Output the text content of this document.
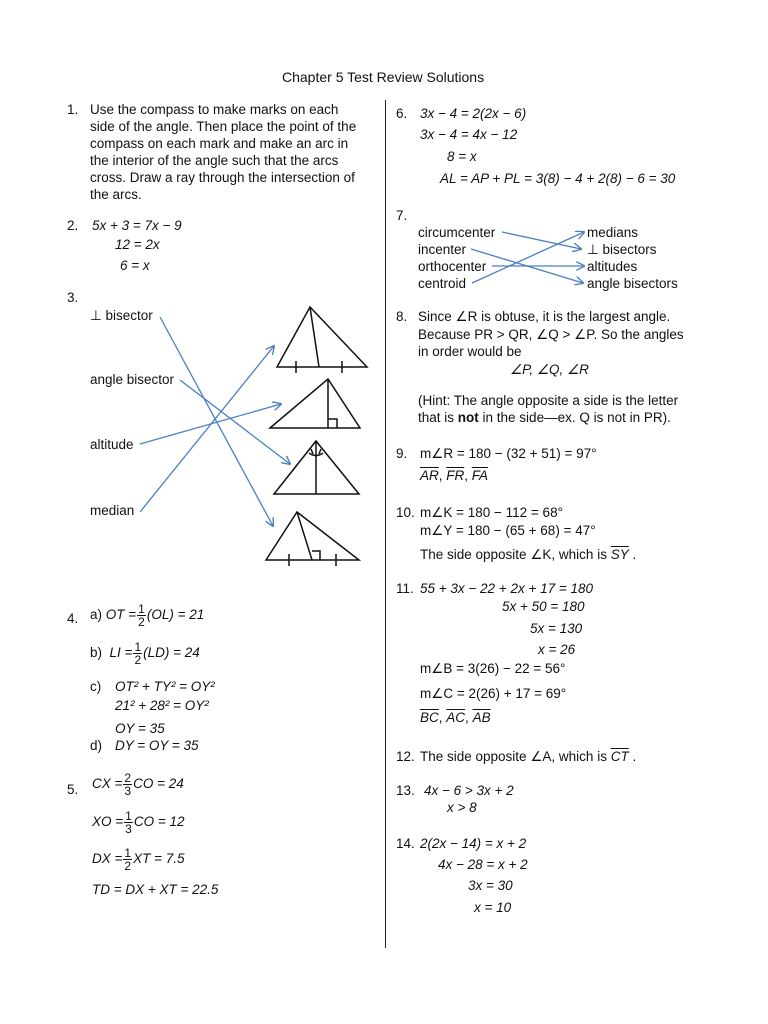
Chapter 5 Test Review Solutions
1. Use the compass to make marks on each
side of the angle. Then place the point of the
compass on each mark and make an arc in
the interior of the angle such that the arcs
cross. Draw a ray through the intersection of
the arcs.
2. 5x + 3 = 7x − 9
12 = 2x
6 = x
3.
⊥ bisector
angle bisector
altitude
median
4. a) OT = $\frac{1}{2} (OL) = 21$
b) LI = $\frac{1}{2} (LD) = 24$
c) OT² + TY² = OY²
21² + 28² = OY²
OY = 35
d) DY = OY = 35
5. CX = $\frac{2}{3}$ CO = 24
XO = $\frac{1}{3}$ CO = 12
DX = $\frac{1}{2}$ XT = 7.5
TD = DX + XT = 22.5
6. 3x − 4 = 2(2x − 6)
3x − 4 = 4x − 12
8 = x
AL = AP + PL = 3(8) − 4 + 2(8) − 6 = 30
7.
circumcenter
incenter
orthocenter
centroid
medians
⊥ bisectors
altitudes
angle bisectors
8. Since ∠R is obtuse, it is the largest angle.
Because PR > QR, ∠Q > ∠P. So the angles
in order would be
∠P, ∠Q, ∠R
(Hint: The angle opposite a side is the letter
that is not in the side—ex. Q is not in PR).
9. m∠R = 180 − (32 + 51) = 97°
$\overline{AR}$, $\overline{FR}$, $\overline{FA}$
10. m∠K = 180 − 112 = 68°
m∠Y = 180 − (65 + 68) = 47°
The side opposite ∠K, which is $\overline{SY}$ .
11. 55 + 3x − 22 + 2x + 17 = 180
5x + 50 = 180
5x = 130
x = 26
m∠B = 3(26) − 22 = 56°
m∠C = 2(26) + 17 = 69°
$\overline{BC}$, $\overline{AC}$, $\overline{AB}$
12. The side opposite ∠A, which is $\overline{CT}$ .
13. 4x − 6 > 3x + 2
x > 8
14. 2(2x − 14) = x + 2
4x − 28 = x + 2
3x = 30
x = 10
